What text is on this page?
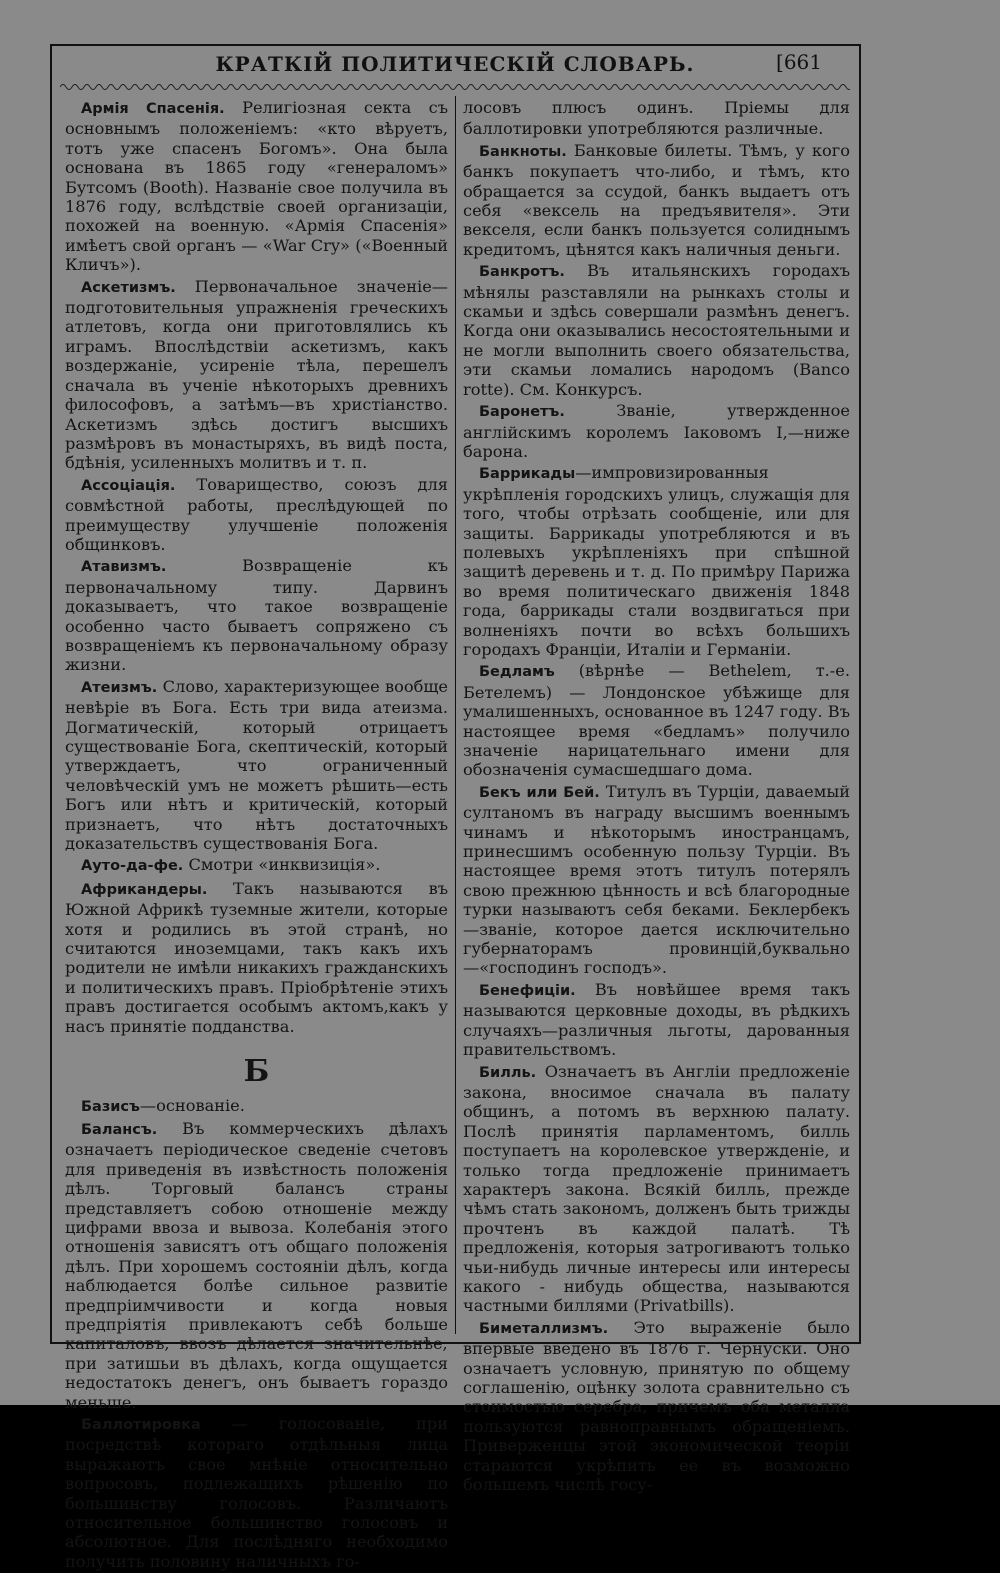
КРАТКІЙ ПОЛИТИЧЕСКІЙ СЛОВАРЬ.	[661

Армія Спасенія. Религіозная секта съ основнымъ положеніемъ: «кто вѣруетъ, тотъ уже спасенъ Богомъ». Она была основана въ 1865 году «генераломъ» Бутсомъ (Booth). Названіе свое получила въ 1876 году, вслѣдствіе своей организаціи, похожей на военную. «Армія Спасенія» имѣетъ свой органъ — «War Cry» («Военный Кличъ»).

Аскетизмъ. Первоначальное значеніе—подготовительныя упражненія греческихъ атлетовъ, когда они приготовлялись къ играмъ. Впослѣдствіи аскетизмъ, какъ воздержаніе, усиреніе тѣла, перешелъ сначала въ ученіе нѣкоторыхъ древнихъ философовъ, а затѣмъ—въ христіанство. Аскетизмъ здѣсь достигъ высшихъ размѣровъ въ монастыряхъ, въ видѣ поста, бдѣнія, усиленныхъ молитвъ и т. п.

Ассоціація. Товарищество, союзъ для совмѣстной работы, преслѣдующей по преимуществу улучшеніе положенія общинковъ.

Атавизмъ. Возвращеніе къ первоначальному типу. Дарвинъ доказываетъ, что такое возвращеніе особенно часто бываетъ сопряжено съ возвращеніемъ къ первоначальному образу жизни.

Атеизмъ. Слово, характеризующее вообще невѣріе въ Бога. Есть три вида атеизма. Догматическій, который отрицаетъ существованіе Бога, скептическій, который утверждаетъ, что ограниченный человѣческій умъ не можетъ рѣшить—есть Богъ или нѣтъ и критическій, который признаетъ, что нѣтъ достаточныхъ доказательствъ существованія Бога.

Ауто-да-фе. Смотри «инквизиція».

Африкандеры. Такъ называются въ Южной Африкѣ туземные жители, которые хотя и родились въ этой странѣ, но считаются иноземцами, такъ какъ ихъ родители не имѣли никакихъ гражданскихъ и политическихъ правъ. Пріобрѣтеніе этихъ правъ достигается особымъ актомъ,какъ у насъ принятіе подданства.

Б

Базисъ—основаніе.

Балансъ. Въ коммерческихъ дѣлахъ означаетъ періодическое сведеніе счетовъ для приведенія въ извѣстность положенія дѣлъ. Торговый балансъ страны представляетъ собою отношеніе между цифрами ввоза и вывоза. Колебанія этого отношенія зависятъ отъ общаго положенія дѣлъ. При хорошемъ состояніи дѣлъ, когда наблюдается болѣе сильное развитіе предпріимчивости и когда новыя предпріятія привлекаютъ себѣ больше капиталовъ, ввозъ дѣлается значительнѣе; при затишьи въ дѣлахъ, когда ощущается недостатокъ денегъ, онъ бываетъ гораздо меньше.

Баллотировка — голосованіе, при посредствѣ котораго отдѣльныя лица выражаютъ свое мнѣніе относительно вопросовъ, подлежащихъ рѣшенію по большинству голосовъ. Различаютъ относительное большинство голосовъ и абсолютное. Для послѣдняго необходимо получить половину наличныхъ го-

лосовъ плюсъ одинъ. Пріемы для баллотировки употребляются различные.

Банкноты. Банковые билеты. Тѣмъ, у кого банкъ покупаетъ что-либо, и тѣмъ, кто обращается за ссудой, банкъ выдаетъ отъ себя «вексель на предъявителя». Эти векселя, если банкъ пользуется солиднымъ кредитомъ, цѣнятся какъ наличныя деньги.

Банкротъ. Въ итальянскихъ городахъ мѣнялы разставляли на рынкахъ столы и скамьи и здѣсь совершали размѣнъ денегъ. Когда они оказывались несостоятельными и не могли выполнить своего обязательства, эти скамьи ломались народомъ (Banco rotte). См. Конкурсъ.

Баронетъ. Званіе, утвержденное англійскимъ королемъ Іаковомъ I,—ниже барона.

Баррикады—импровизированныя укрѣпленія городскихъ улицъ, служащія для того, чтобы отрѣзать сообщеніе, или для защиты. Баррикады употребляются и въ полевыхъ укрѣпленіяхъ при спѣшной защитѣ деревень и т. д. По примѣру Парижа во время политическаго движенія 1848 года, баррикады стали воздвигаться при волненіяхъ почти во всѣхъ большихъ городахъ Франціи, Италіи и Германіи.

Бедламъ (вѣрнѣе — Bethelem, т.-е. Бетелемъ) — Лондонское убѣжище для умалишенныхъ, основанное въ 1247 году. Въ настоящее время «бедламъ» получило значеніе нарицательнаго имени для обозначенія сумасшедшаго дома.

Бекъ или Бей. Титулъ въ Турціи, даваемый султаномъ въ награду высшимъ военнымъ чинамъ и нѣкоторымъ иностранцамъ, принесшимъ особенную пользу Турціи. Въ настоящее время этотъ титулъ потерялъ свою прежнюю цѣнность и всѣ благородные турки называютъ себя беками. Беклербекъ—званіе, которое дается исключительно губернаторамъ провинцій,буквально—«господинъ господъ».

Бенефиціи. Въ новѣйшее время такъ называются церковные доходы, въ рѣдкихъ случаяхъ—различныя льготы, дарованныя правительствомъ.

Билль. Означаетъ въ Англіи предложеніе закона, вносимое сначала въ палату общинъ, а потомъ въ верхнюю палату. Послѣ принятія парламентомъ, билль поступаетъ на королевское утвержденіе, и только тогда предложеніе принимаетъ характеръ закона. Всякій билль, прежде чѣмъ стать закономъ, долженъ быть трижды прочтенъ въ каждой палатѣ. Тѣ предложенія, которыя затрогиваютъ только чьи-нибудь личные интересы или интересы какого - нибудь общества, называются частными биллями (Privatbills).

Биметаллизмъ. Это выраженіе было впервые введено въ 1876 г. Чернуски. Оно означаетъ условную, принятую по общему соглашенію, оцѣнку золота сравнительно съ стоимостью серебра, причемъ оба металла пользуются равноправнымъ обращеніемъ. Приверженцы этой экономической теоріи стараются укрѣпить ее въ возможно большемъ числѣ госу-
